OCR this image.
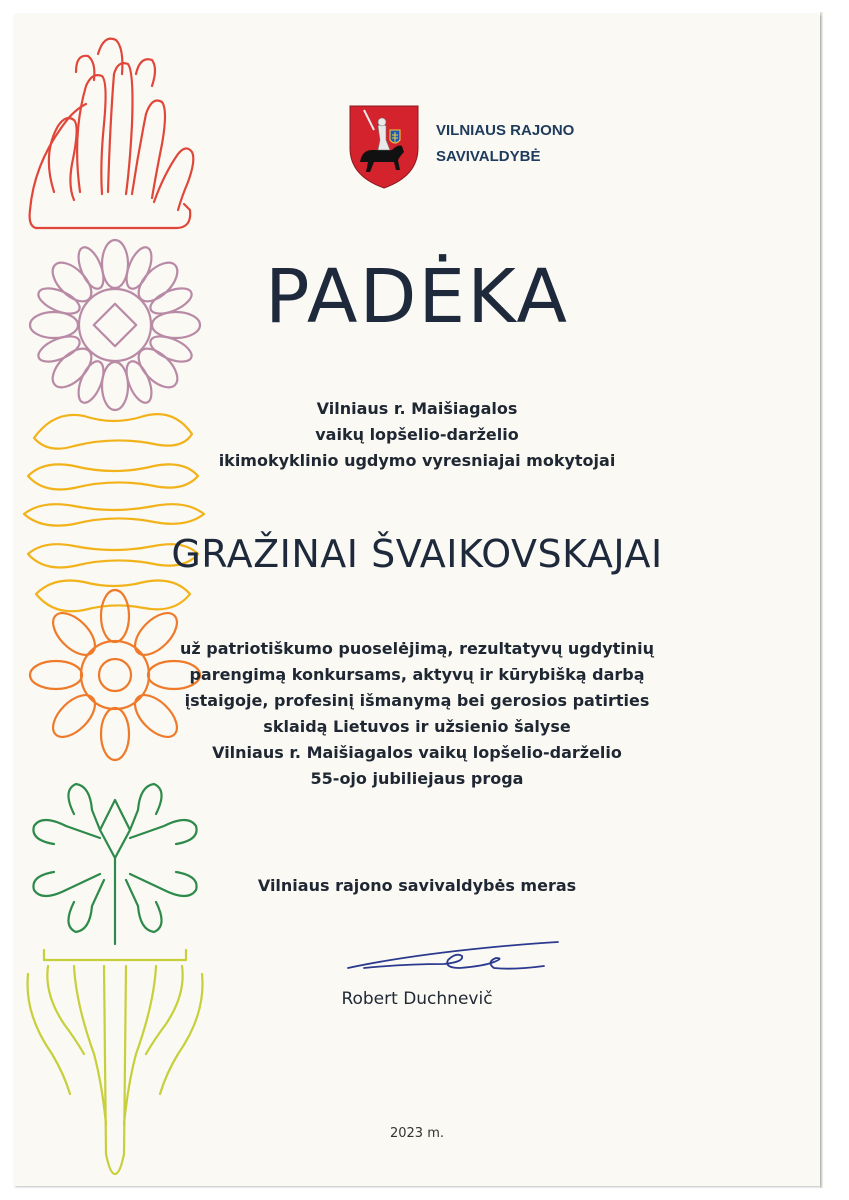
VILNIAUS RAJONO
SAVIVALDYBĖ
PADĖKA
Vilniaus r. Maišiagalos
vaikų lopšelio-darželio
ikimokyklinio ugdymo vyresniajai mokytojai
GRAŽINAI ŠVAIKOVSKAJAI
už patriotiškumo puoselėjimą, rezultatyvų ugdytinių
parengimą konkursams, aktyvų ir kūrybišką darbą
įstaigoje, profesinį išmanymą bei gerosios patirties
sklaidą Lietuvos ir užsienio šalyse
Vilniaus r. Maišiagalos vaikų lopšelio-darželio
55-ojo jubiliejaus proga
Vilniaus rajono savivaldybės meras
Robert Duchnevič
2023 m.
